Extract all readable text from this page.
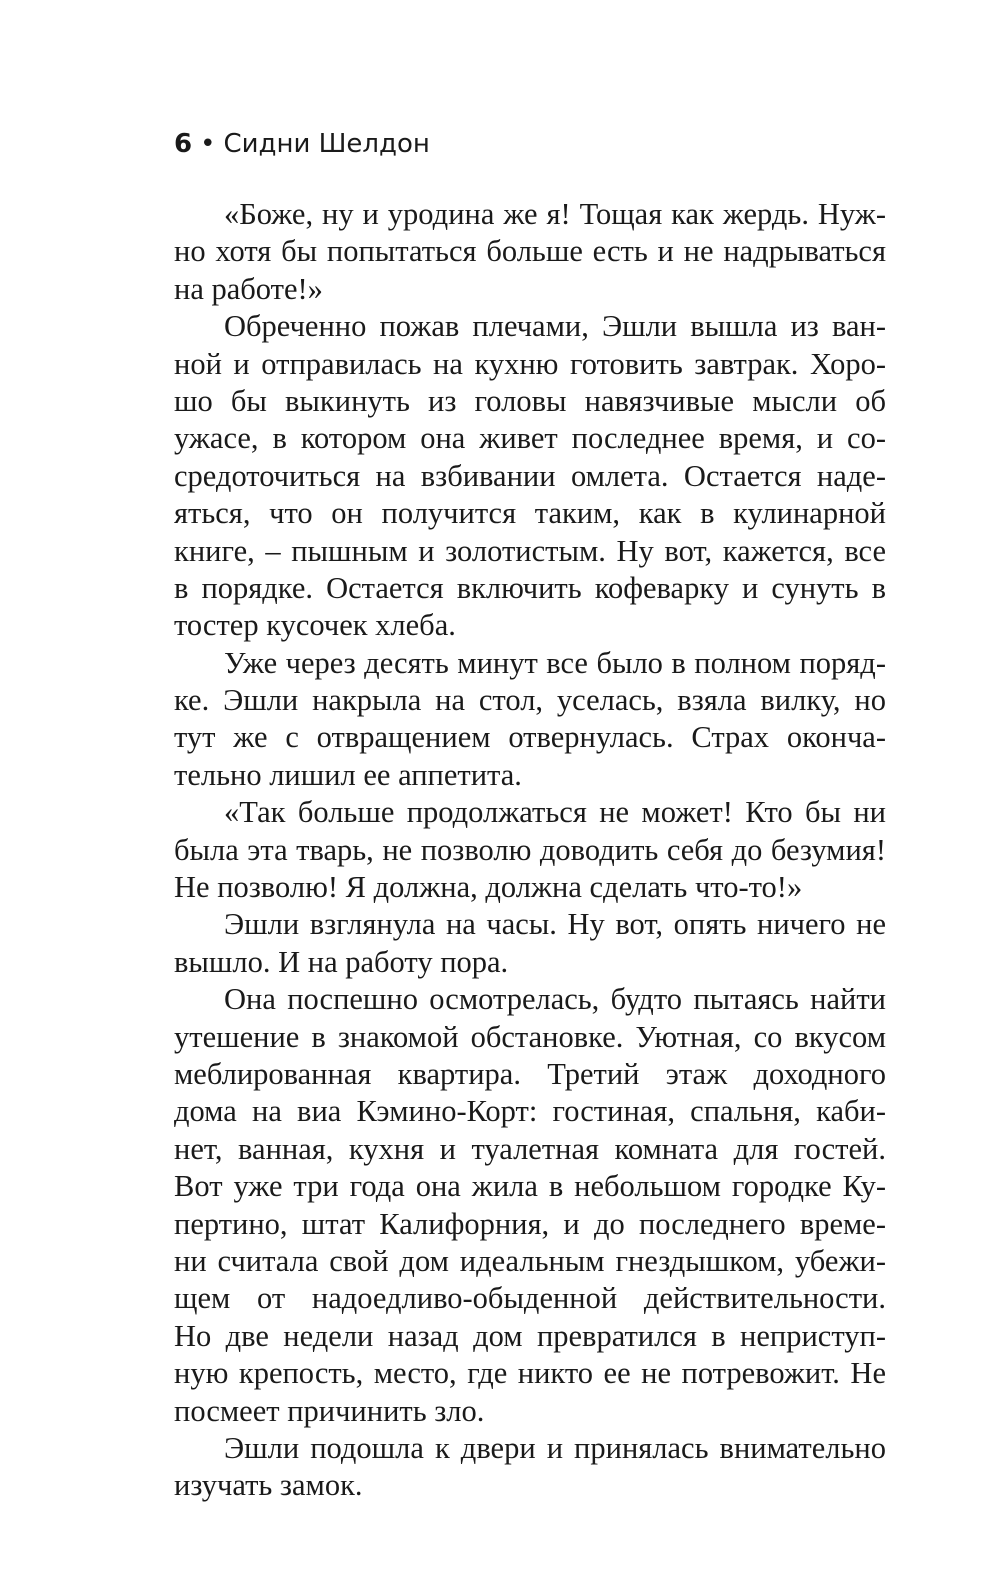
6 • Сидни Шелдон
«Боже, ну и уродина же я! Тощая как жердь. Нуж-
но хотя бы попытаться больше есть и не надрываться
на работе!»
Обреченно пожав плечами, Эшли вышла из ван-
ной и отправилась на кухню готовить завтрак. Хоро-
шо бы выкинуть из головы навязчивые мысли об
ужасе, в котором она живет последнее время, и со-
средоточиться на взбивании омлета. Остается наде-
яться, что он получится таким, как в кулинарной
книге, – пышным и золотистым. Ну вот, кажется, все
в порядке. Остается включить кофеварку и сунуть в
тостер кусочек хлеба.
Уже через десять минут все было в полном поряд-
ке. Эшли накрыла на стол, уселась, взяла вилку, но
тут же с отвращением отвернулась. Страх оконча-
тельно лишил ее аппетита.
«Так больше продолжаться не может! Кто бы ни
была эта тварь, не позволю доводить себя до безумия!
Не позволю! Я должна, должна сделать что-то!»
Эшли взглянула на часы. Ну вот, опять ничего не
вышло. И на работу пора.
Она поспешно осмотрелась, будто пытаясь найти
утешение в знакомой обстановке. Уютная, со вкусом
меблированная квартира. Третий этаж доходного
дома на виа Кэмино-Корт: гостиная, спальня, каби-
нет, ванная, кухня и туалетная комната для гостей.
Вот уже три года она жила в небольшом городке Ку-
пертино, штат Калифорния, и до последнего време-
ни считала свой дом идеальным гнездышком, убежи-
щем от надоедливо-обыденной действительности.
Но две недели назад дом превратился в неприступ-
ную крепость, место, где никто ее не потревожит. Не
посмеет причинить зло.
Эшли подошла к двери и принялась внимательно
изучать замок.
